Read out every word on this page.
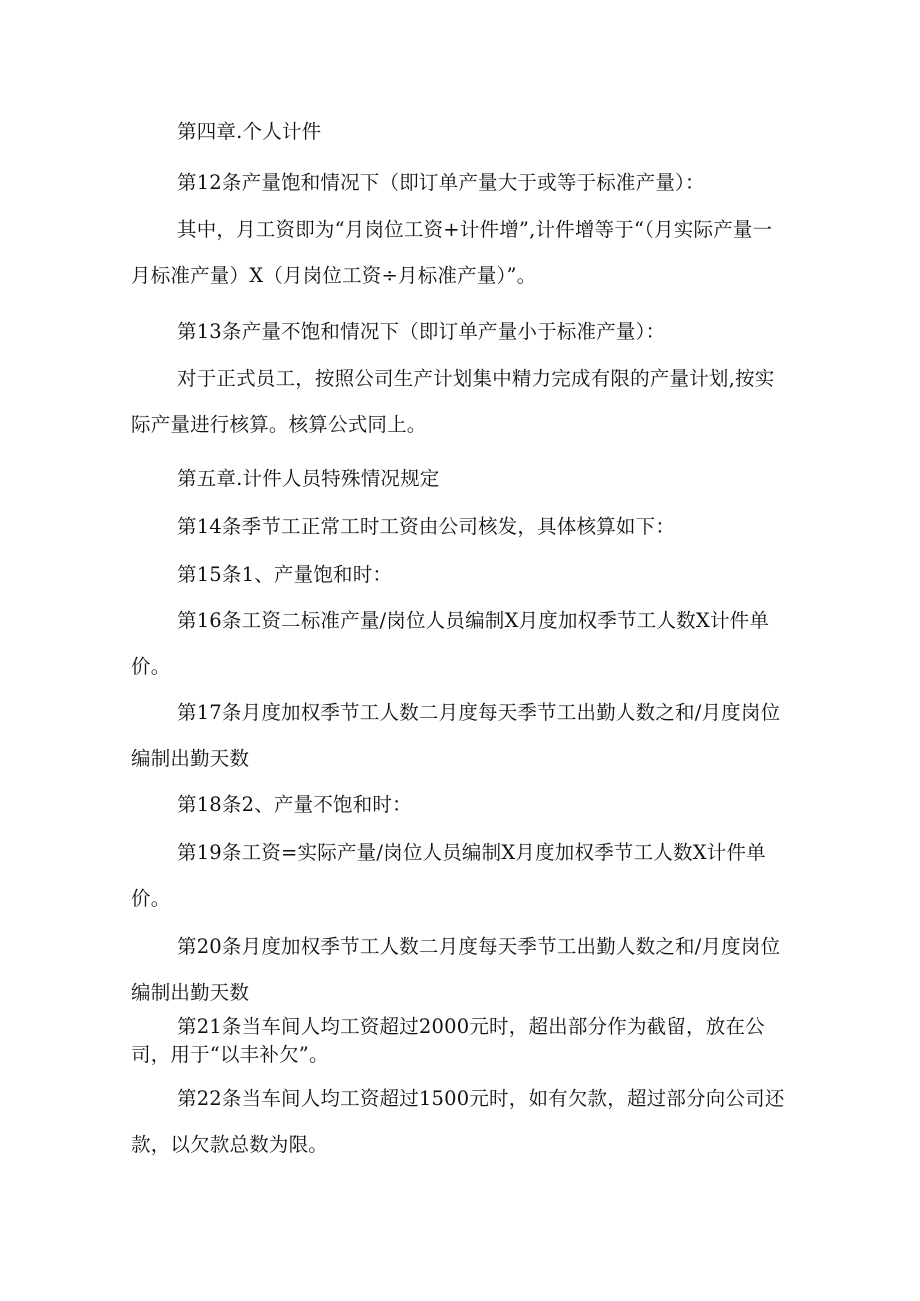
第四章.个人计件

第12条产量饱和情况下（即订单产量大于或等于标准产量）：

其中，月工资即为“月岗位工资+计件增”,计件增等于“（月实际产量一月标准产量）X（月岗位工资÷月标准产量）”。

第13条产量不饱和情况下（即订单产量小于标准产量）：

对于正式员工，按照公司生产计划集中精力完成有限的产量计划,按实际产量进行核算。核算公式同上。

第五章.计件人员特殊情况规定

第14条季节工正常工时工资由公司核发，具体核算如下：

第15条1、产量饱和时：

第16条工资二标准产量/岗位人员编制X月度加权季节工人数X计件单价。

第17条月度加权季节工人数二月度每天季节工出勤人数之和/月度岗位编制出勤天数

第18条2、产量不饱和时：

第19条工资=实际产量/岗位人员编制X月度加权季节工人数X计件单价。

第20条月度加权季节工人数二月度每天季节工出勤人数之和/月度岗位编制出勤天数

第21条当车间人均工资超过2000元时，超出部分作为截留，放在公司，用于“以丰补欠”。

第22条当车间人均工资超过1500元时，如有欠款，超过部分向公司还款，以欠款总数为限。
